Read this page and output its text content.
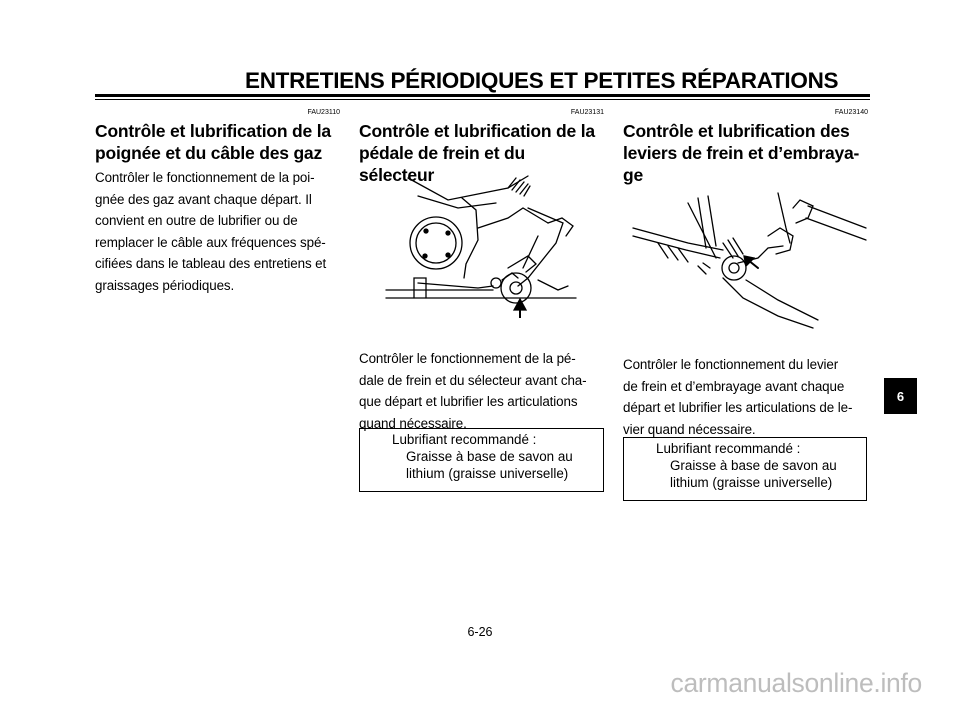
ENTRETIENS PÉRIODIQUES ET PETITES RÉPARATIONS
FAU23110
Contrôle et lubrification de la
poignée et du câble des gaz
Contrôler le fonctionnement de la poi-
gnée des gaz avant chaque départ. Il
convient en outre de lubrifier ou de
remplacer le câble aux fréquences spé-
cifiées dans le tableau des entretiens et
graissages périodiques.
FAU23131
Contrôle et lubrification de la
pédale de frein et du sélecteur
Contrôler le fonctionnement de la pé-
dale de frein et du sélecteur avant cha-
que départ et lubrifier les articulations
quand nécessaire.
Lubrifiant recommandé :
Graisse à base de savon au
lithium (graisse universelle)
FAU23140
Contrôle et lubrification des
leviers de frein et d’embraya-
ge
Contrôler le fonctionnement du levier
de frein et d’embrayage avant chaque
départ et lubrifier les articulations de le-
vier quand nécessaire.
Lubrifiant recommandé :
Graisse à base de savon au
lithium (graisse universelle)
6-26
6
carmanualsonline.info
